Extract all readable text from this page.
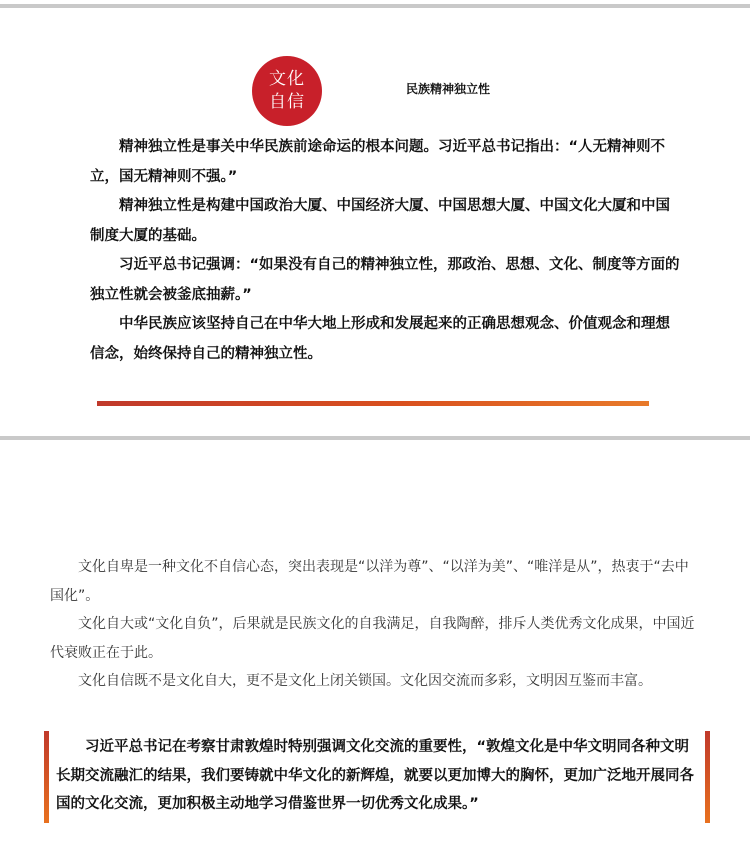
文化
自信
民族精神独立性

精神独立性是事关中华民族前途命运的根本问题。习近平总书记指出：“人无精神则不立，国无精神则不强。”

精神独立性是构建中国政治大厦、中国经济大厦、中国思想大厦、中国文化大厦和中国制度大厦的基础。

习近平总书记强调：“如果没有自己的精神独立性，那政治、思想、文化、制度等方面的独立性就会被釜底抽薪。”

中华民族应该坚持自己在中华大地上形成和发展起来的正确思想观念、价值观念和理想信念，始终保持自己的精神独立性。

文化自卑是一种文化不自信心态，突出表现是“以洋为尊”、“以洋为美”、“唯洋是从”，热衷于“去中国化”。

文化自大或“文化自负”，后果就是民族文化的自我满足，自我陶醉，排斥人类优秀文化成果，中国近代衰败正在于此。

文化自信既不是文化自大，更不是文化上闭关锁国。文化因交流而多彩，文明因互鉴而丰富。

习近平总书记在考察甘肃敦煌时特别强调文化交流的重要性，“敦煌文化是中华文明同各种文明长期交流融汇的结果，我们要铸就中华文化的新辉煌，就要以更加博大的胸怀，更加广泛地开展同各国的文化交流，更加积极主动地学习借鉴世界一切优秀文化成果。”
